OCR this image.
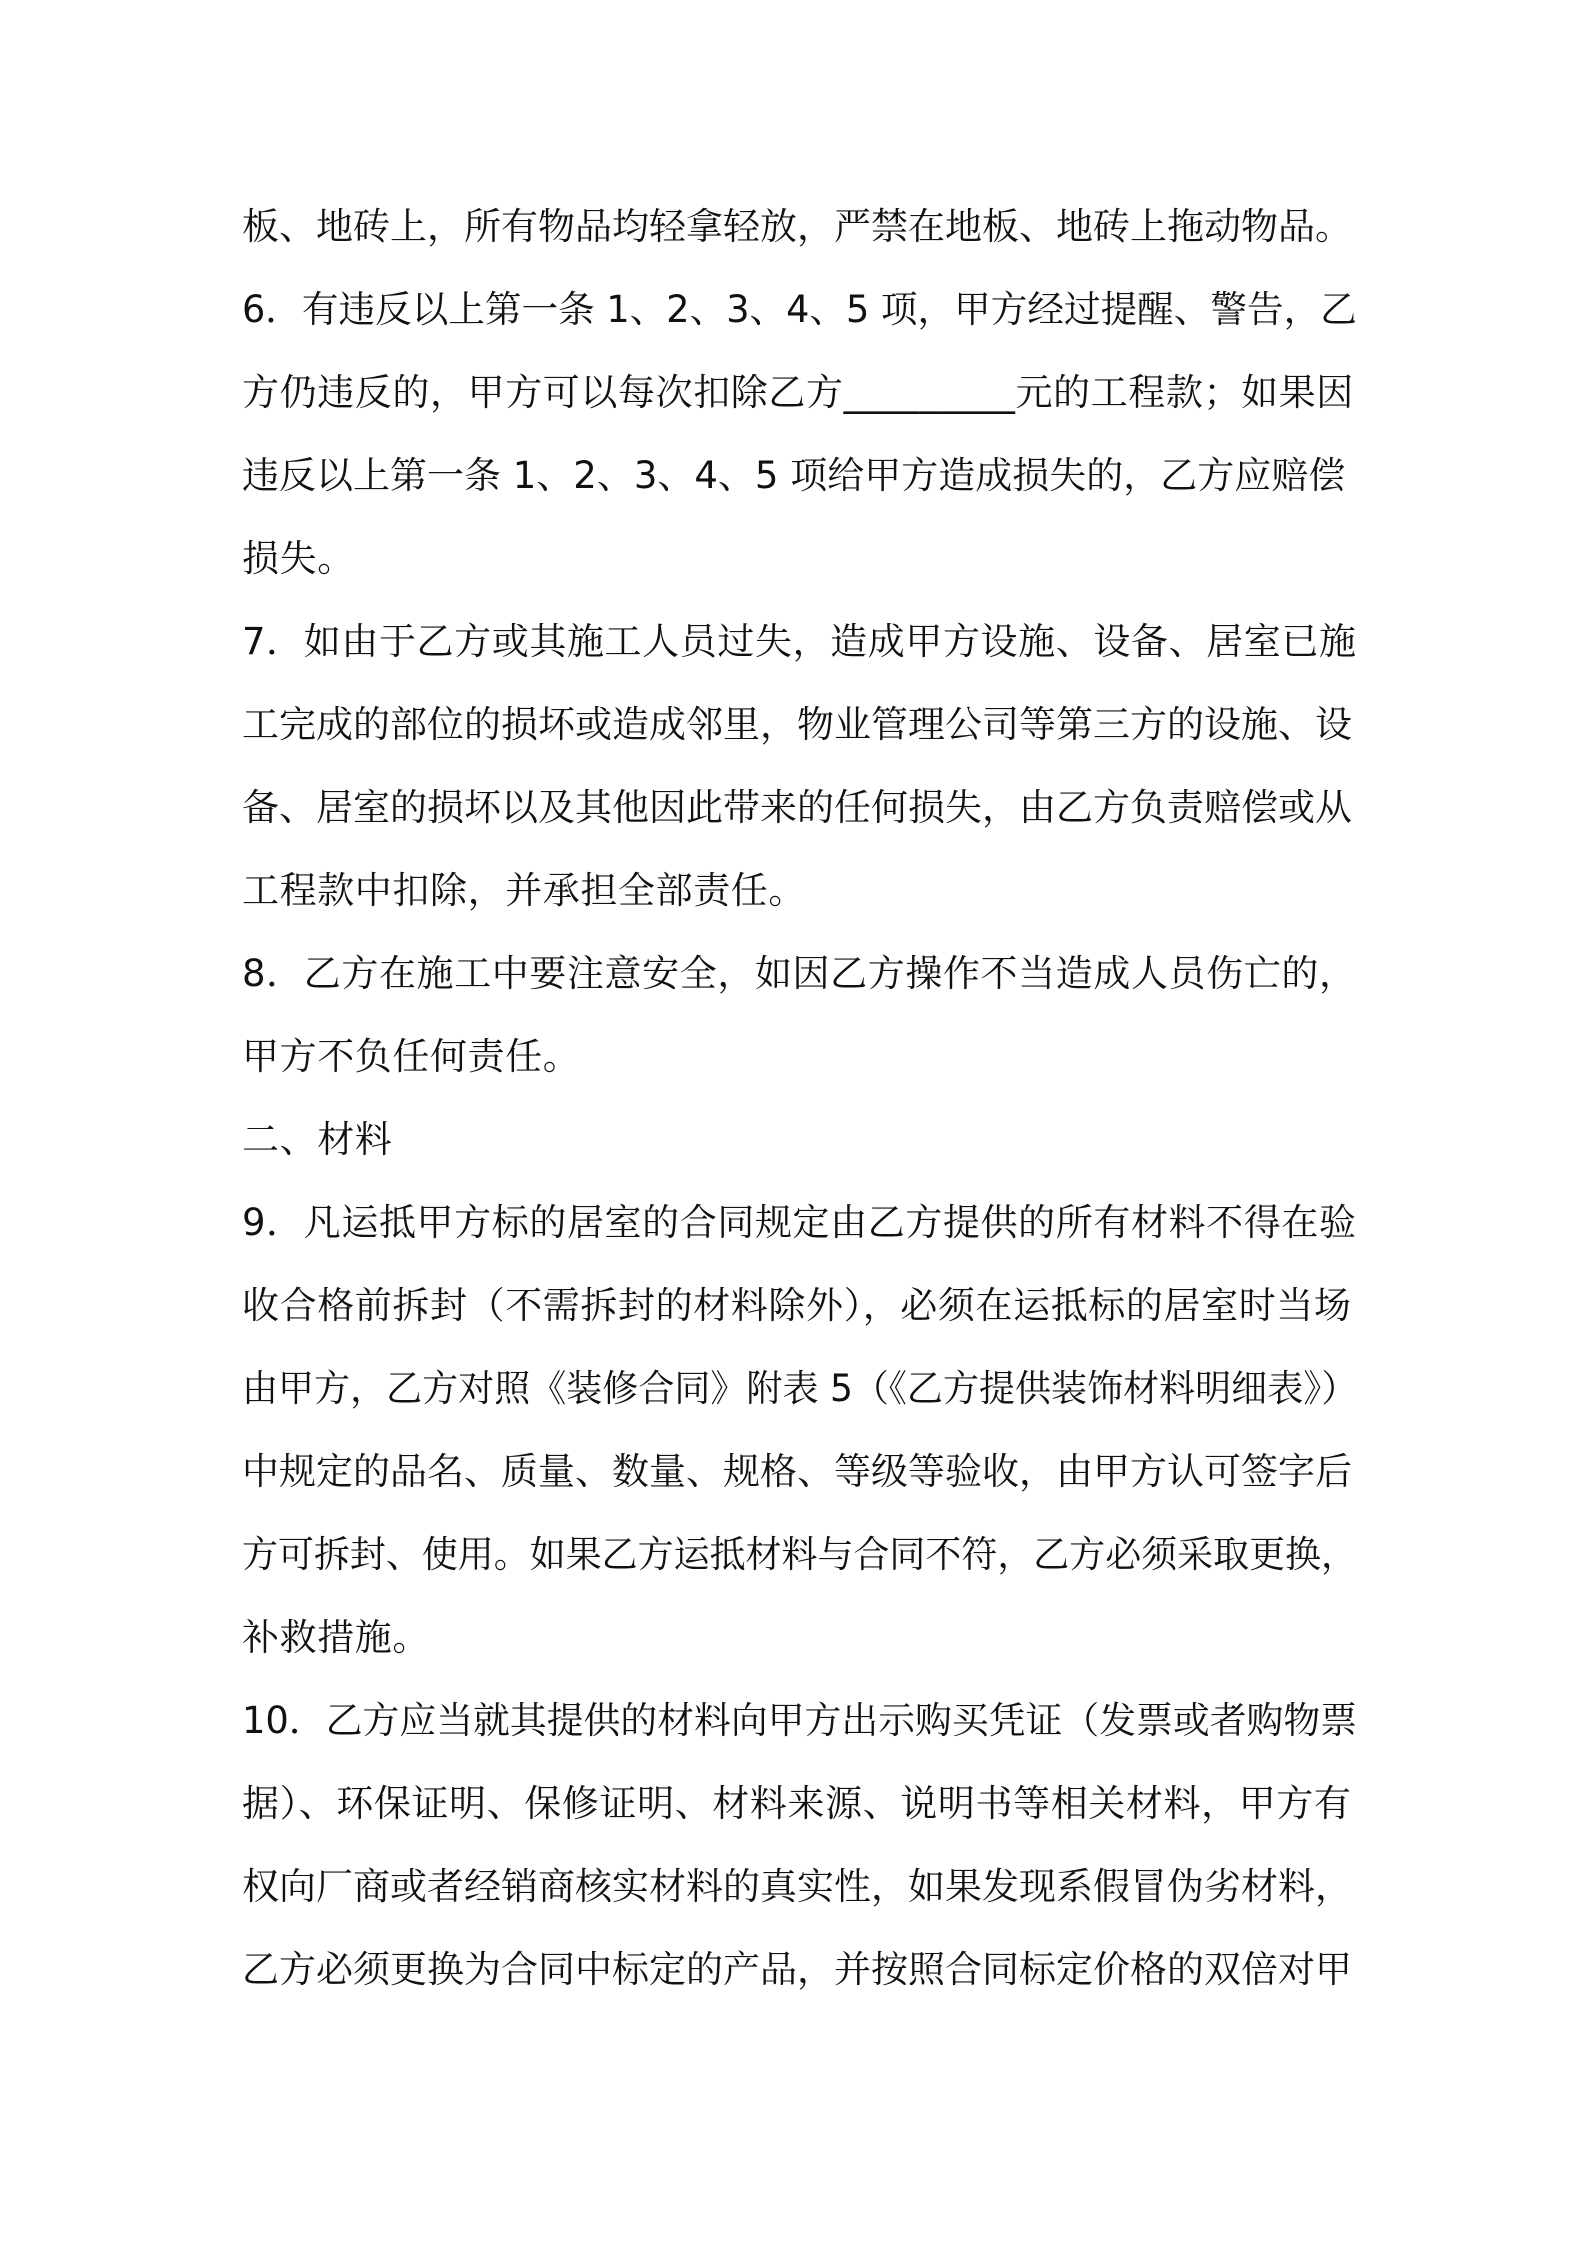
板、地砖上，所有物品均轻拿轻放，严禁在地板、地砖上拖动物品。
6．有违反以上第一条 1、2、3、4、5 项，甲方经过提醒、警告，乙
方仍违反的，甲方可以每次扣除乙方_________元的工程款；如果因
违反以上第一条 1、2、3、4、5 项给甲方造成损失的，乙方应赔偿
损失。
7．如由于乙方或其施工人员过失，造成甲方设施、设备、居室已施
工完成的部位的损坏或造成邻里，物业管理公司等第三方的设施、设
备、居室的损坏以及其他因此带来的任何损失，由乙方负责赔偿或从
工程款中扣除，并承担全部责任。
8．乙方在施工中要注意安全，如因乙方操作不当造成人员伤亡的，
甲方不负任何责任。
二、材料
9．凡运抵甲方标的居室的合同规定由乙方提供的所有材料不得在验
收合格前拆封（不需拆封的材料除外），必须在运抵标的居室时当场
由甲方，乙方对照《装修合同》附表 5（《乙方提供装饰材料明细表》）
中规定的品名、质量、数量、规格、等级等验收，由甲方认可签字后
方可拆封、使用。如果乙方运抵材料与合同不符，乙方必须采取更换，
补救措施。
10．乙方应当就其提供的材料向甲方出示购买凭证（发票或者购物票
据）、环保证明、保修证明、材料来源、说明书等相关材料，甲方有
权向厂商或者经销商核实材料的真实性，如果发现系假冒伪劣材料，
乙方必须更换为合同中标定的产品，并按照合同标定价格的双倍对甲
